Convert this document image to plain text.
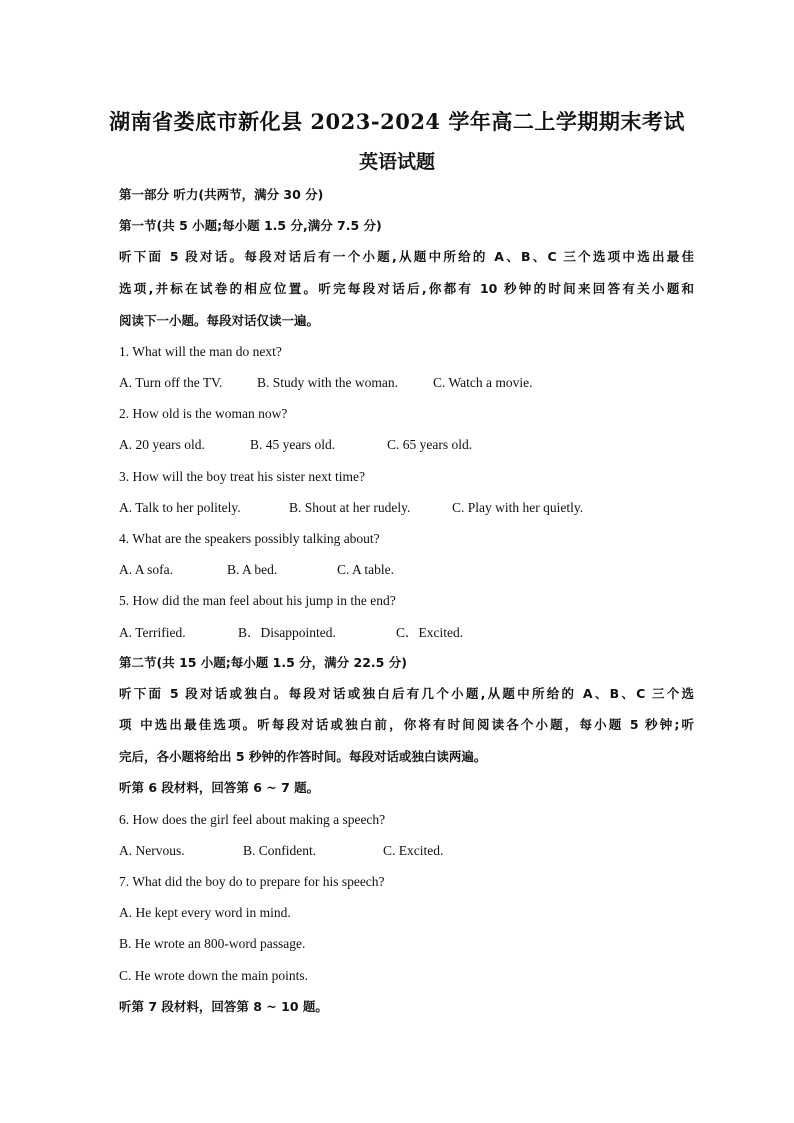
湖南省娄底市新化县 2023-2024 学年高二上学期期末考试
英语试题
第一部分 听力(共两节，满分 30 分)
第一节(共 5 小题;每小题 1.5 分,满分 7.5 分)
听下面 5 段对话。每段对话后有一个小题,从题中所给的 A、B、C 三个选项中选出最佳
选项,并标在试卷的相应位置。听完每段对话后,你都有 10 秒钟的时间来回答有关小题和
阅读下一小题。每段对话仅读一遍。
1. What will the man do next?
A. Turn off the TV.	B. Study with the woman.	C. Watch a movie.
2. How old is the woman now?
A. 20 years old.	B. 45 years old.	C. 65 years old.
3. How will the boy treat his sister next time?
A. Talk to her politely.	B. Shout at her rudely.	C. Play with her quietly.
4. What are the speakers possibly talking about?
A. A sofa.	B. A bed.	C. A table.
5. How did the man feel about his jump in the end?
A. Terrified.	B．Disappointed.	C．Excited.
第二节(共 15 小题;每小题 1.5 分，满分 22.5 分)
听下面 5 段对话或独白。每段对话或独白后有几个小题,从题中所给的 A、B、C 三个选
项 中选出最佳选项。听每段对话或独白前，你将有时间阅读各个小题，每小题 5 秒钟;听
完后，各小题将给出 5 秒钟的作答时间。每段对话或独白读两遍。
听第 6 段材料，回答第 6 ~ 7 题。
6. How does the girl feel about making a speech?
A. Nervous.	B. Confident.	C. Excited.
7. What did the boy do to prepare for his speech?
A. He kept every word in mind.
B. He wrote an 800-word passage.
C. He wrote down the main points.
听第 7 段材料，回答第 8 ~ 10 题。
